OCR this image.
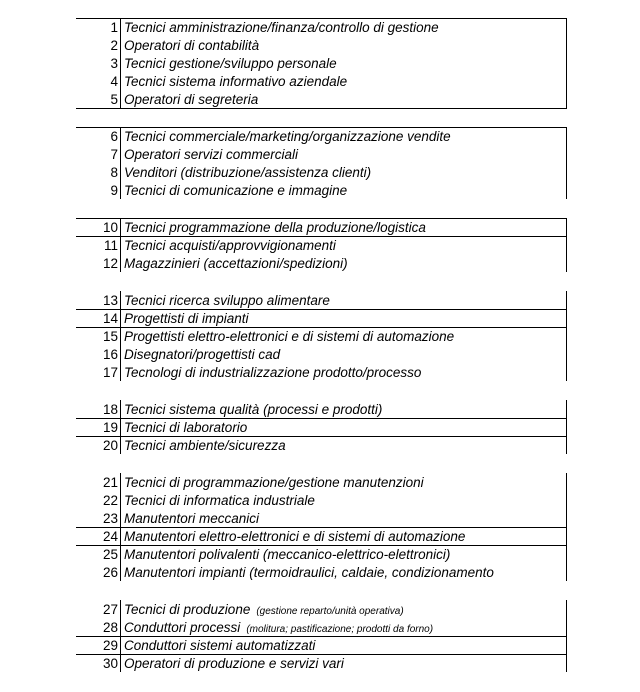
1 Tecnici amministrazione/finanza/controllo di gestione
2 Operatori di contabilità
3 Tecnici gestione/sviluppo personale
4 Tecnici sistema informativo aziendale
5 Operatori di segreteria
6 Tecnici commerciale/marketing/organizzazione vendite
7 Operatori servizi commerciali
8 Venditori (distribuzione/assistenza clienti)
9 Tecnici di comunicazione e immagine
10 Tecnici programmazione della produzione/logistica
11 Tecnici acquisti/approvvigionamenti
12 Magazzinieri (accettazioni/spedizioni)
13 Tecnici ricerca sviluppo alimentare
14 Progettisti di impianti
15 Progettisti elettro-elettronici e di sistemi di automazione
16 Disegnatori/progettisti cad
17 Tecnologi di industrializzazione prodotto/processo
18 Tecnici sistema qualità (processi e prodotti)
19 Tecnici di laboratorio
20 Tecnici ambiente/sicurezza
21 Tecnici di programmazione/gestione manutenzioni
22 Tecnici di informatica industriale
23 Manutentori meccanici
24 Manutentori elettro-elettronici e di sistemi di automazione
25 Manutentori polivalenti (meccanico-elettrico-elettronici)
26 Manutentori impianti (termoidraulici, caldaie, condizionamento
27 Tecnici di produzione (gestione reparto/unità operativa)
28 Conduttori processi (molitura; pastificazione; prodotti da forno)
29 Conduttori sistemi automatizzati
30 Operatori di produzione e servizi vari
